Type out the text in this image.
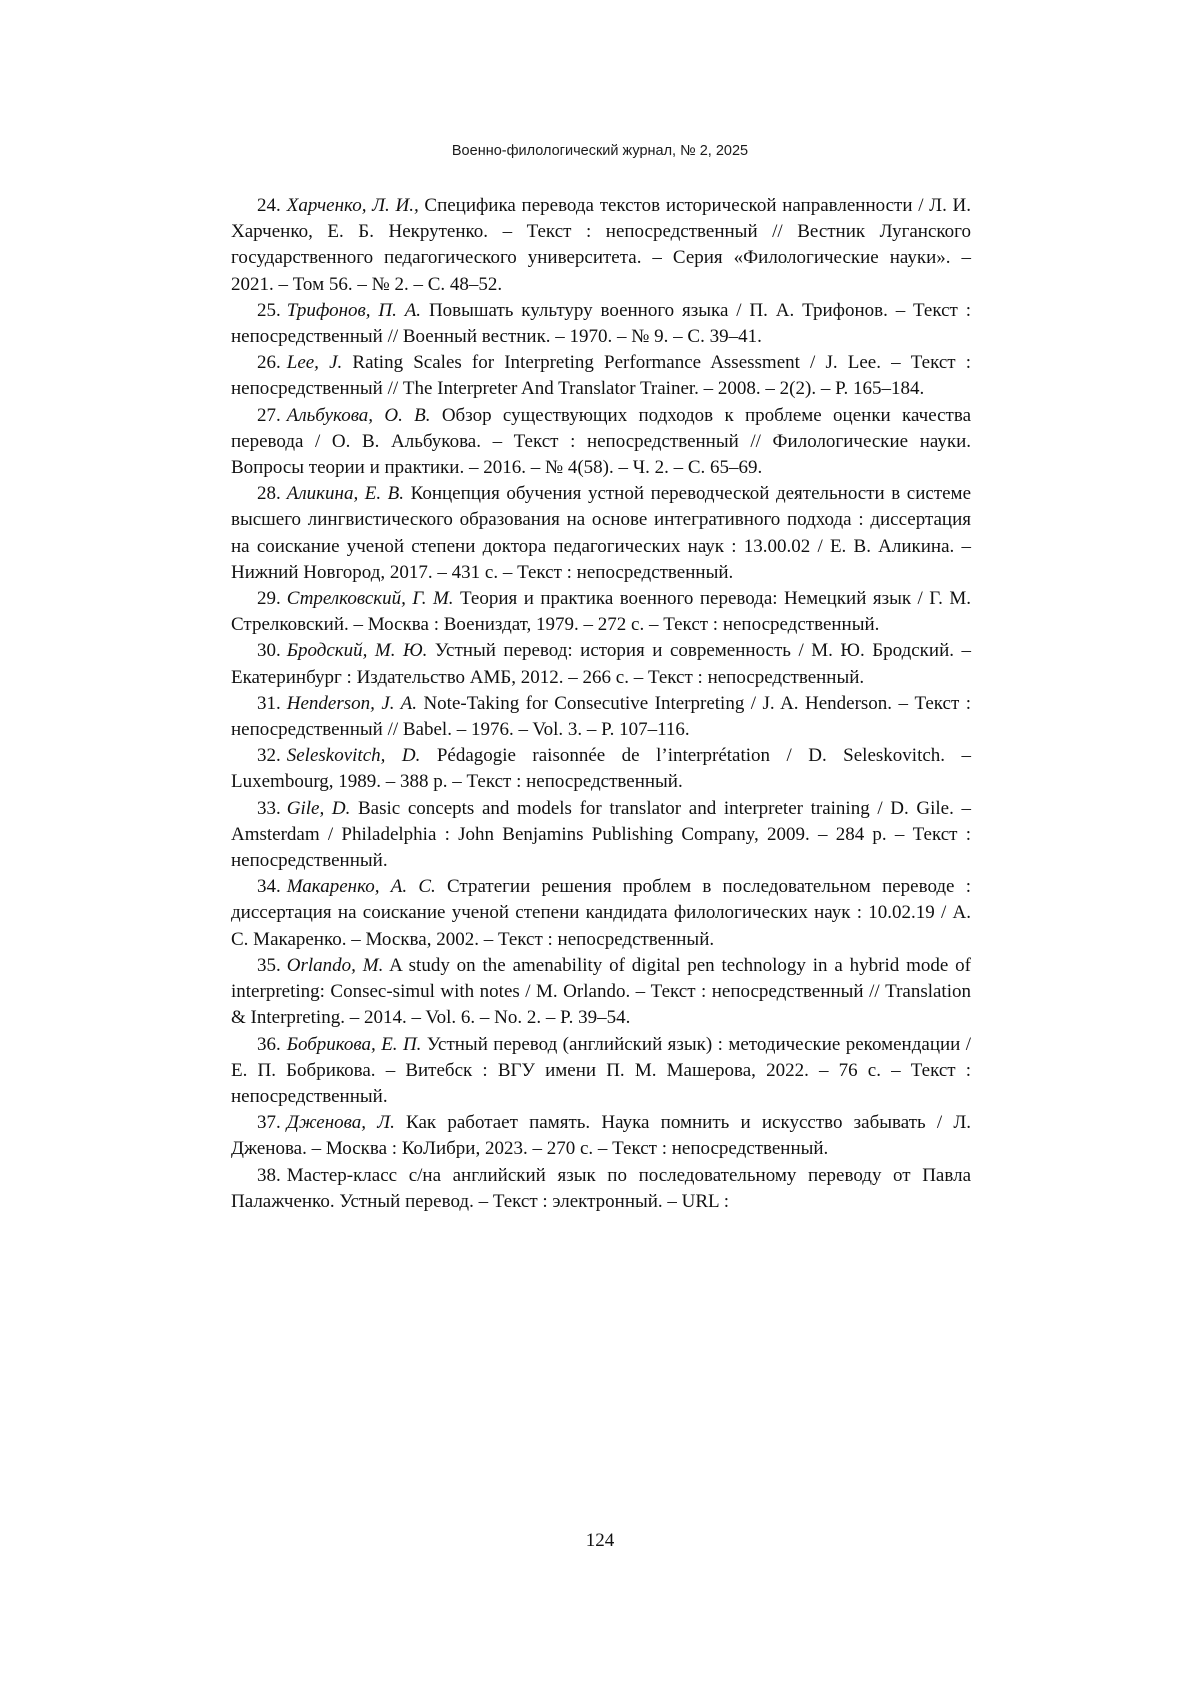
Военно-филологический журнал, № 2, 2025

24. Харченко, Л. И., Специфика перевода текстов исторической направленности / Л. И. Харченко, Е. Б. Некрутенко. – Текст : непосредственный // Вестник Луганского государственного педагогического университета. – Серия «Филологические науки». – 2021. – Том 56. – № 2. – С. 48–52.

25. Трифонов, П. А. Повышать культуру военного языка / П. А. Трифонов. – Текст : непосредственный // Военный вестник. – 1970. – № 9. – С. 39–41.

26. Lee, J. Rating Scales for Interpreting Performance Assessment / J. Lee. – Текст : непосредственный // The Interpreter And Translator Trainer. – 2008. – 2(2). – P. 165–184.

27. Альбукова, О. В. Обзор существующих подходов к проблеме оценки качества перевода / О. В. Альбукова. – Текст : непосредственный // Филологические науки. Вопросы теории и практики. – 2016. – № 4(58). – Ч. 2. – С. 65–69.

28. Аликина, Е. В. Концепция обучения устной переводческой деятельности в системе высшего лингвистического образования на основе интегративного подхода : диссертация на соискание ученой степени доктора педагогических наук : 13.00.02 / Е. В. Аликина. – Нижний Новгород, 2017. – 431 с. – Текст : непосредственный.

29. Стрелковский, Г. М. Теория и практика военного перевода: Немецкий язык / Г. М. Стрелковский. – Москва : Воениздат, 1979. – 272 с. – Текст : непосредственный.

30. Бродский, М. Ю. Устный перевод: история и современность / М. Ю. Бродский. – Екатеринбург : Издательство АМБ, 2012. – 266 с. – Текст : непосредственный.

31. Henderson, J. A. Note-Taking for Consecutive Interpreting / J. A. Henderson. – Текст : непосредственный // Babel. – 1976. – Vol. 3. – P. 107–116.

32. Seleskovitch, D. Pédagogie raisonnée de l’interprétation / D. Seleskovitch. – Luxembourg, 1989. – 388 p. – Текст : непосредственный.

33. Gile, D. Basic concepts and models for translator and interpreter training / D. Gile. – Amsterdam / Philadelphia : John Benjamins Publishing Company, 2009. – 284 p. – Текст : непосредственный.

34. Макаренко, А. С. Стратегии решения проблем в последовательном переводе : диссертация на соискание ученой степени кандидата филологических наук : 10.02.19 / А. С. Макаренко. – Москва, 2002. – Текст : непосредственный.

35. Orlando, M. A study on the amenability of digital pen technology in a hybrid mode of interpreting: Consec-simul with notes / M. Orlando. – Текст : непосредственный // Translation & Interpreting. – 2014. – Vol. 6. – No. 2. – P. 39–54.

36. Бобрикова, Е. П. Устный перевод (английский язык) : методические рекомендации / Е. П. Бобрикова. – Витебск : ВГУ имени П. М. Машерова, 2022. – 76 с. – Текст : непосредственный.

37. Дженова, Л. Как работает память. Наука помнить и искусство забывать / Л. Дженова. – Москва : КоЛибри, 2023. – 270 с. – Текст : непосредственный.

38. Мастер-класс с/на английский язык по последовательному переводу от Павла Палажченко. Устный перевод. – Текст : электронный. – URL :

124
